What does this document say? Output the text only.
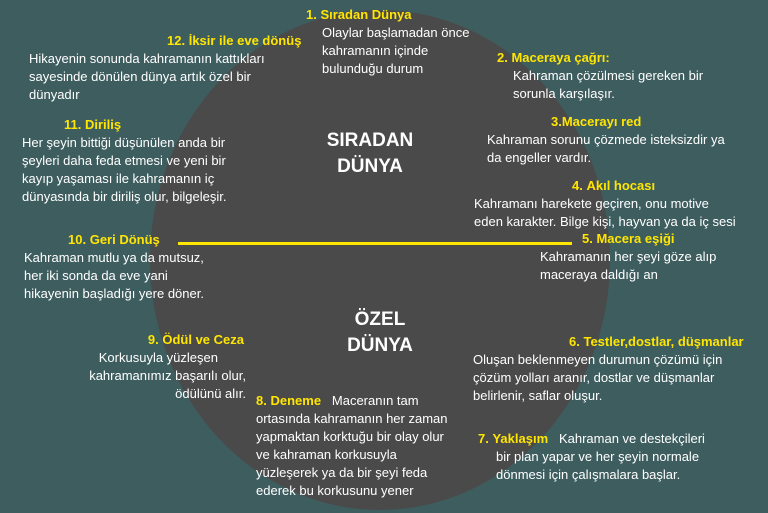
SIRADAN
DÜNYA
ÖZEL
DÜNYA
1. Sıradan Dünya
Olaylar başlamadan önce
kahramanın içinde
bulunduğu durum
2. Maceraya çağrı:
Kahraman çözülmesi gereken bir
sorunla karşılaşır.
3.Macerayı red
Kahraman sorunu çözmede isteksizdir ya
da engeller vardır.
4. Akıl hocası
Kahramanı harekete geçiren, onu motive
eden karakter. Bilge kişi, hayvan ya da iç sesi
5. Macera eşiği
Kahramanın her şeyi göze alıp
maceraya daldığı an
6. Testler,dostlar, düşmanlar
Oluşan beklenmeyen durumun çözümü için
çözüm yolları aranır, dostlar ve düşmanlar
belirlenir, saflar oluşur.
7. Yaklaşım Kahraman ve destekçileri
bir plan yapar ve her şeyin normale
dönmesi için çalışmalara başlar.
8. Deneme Maceranın tam
ortasında kahramanın her zaman
yapmaktan korktuğu bir olay olur
ve kahraman korkusuyla
yüzleşerek ya da bir şeyi feda
ederek bu korkusunu yener
9. Ödül ve Ceza
Korkusuyla yüzleşen
kahramanımız başarılı olur,
ödülünü alır.
10. Geri Dönüş
Kahraman mutlu ya da mutsuz,
her iki sonda da eve yani
hikayenin başladığı yere döner.
11. Diriliş
Her şeyin bittiği düşünülen anda bir
şeyleri daha feda etmesi ve yeni bir
kayıp yaşaması ile kahramanın iç
dünyasında bir diriliş olur, bilgeleşir.
12. İksir ile eve dönüş
Hikayenin sonunda kahramanın kattıkları
sayesinde dönülen dünya artık özel bir
dünyadır
